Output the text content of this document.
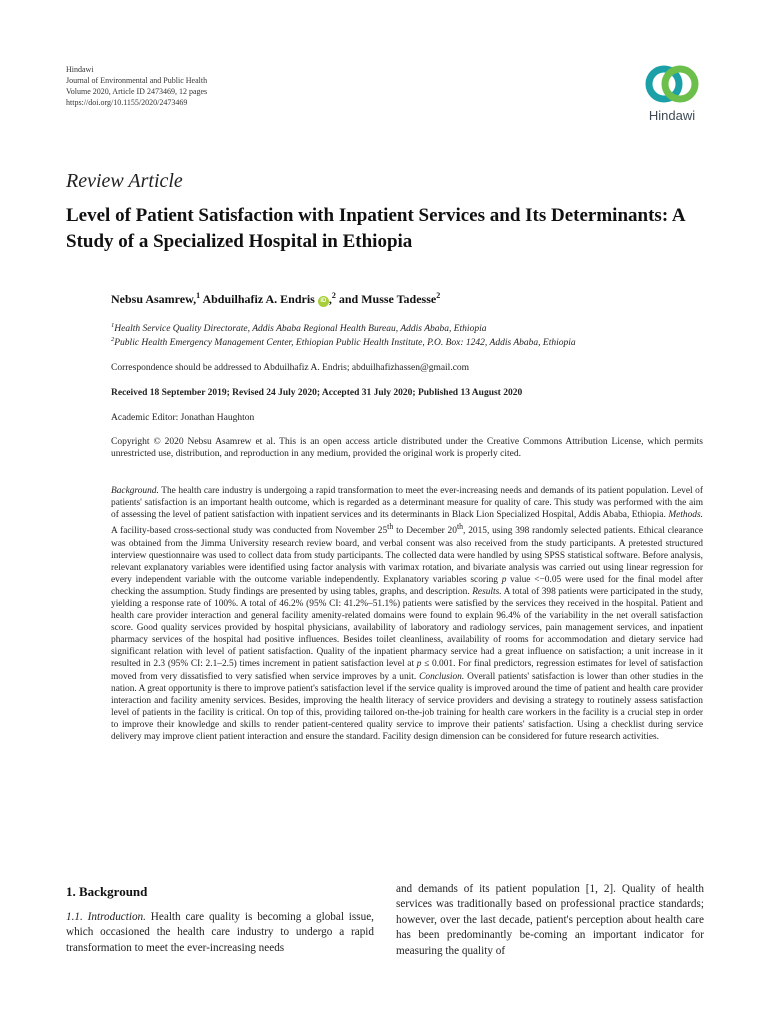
Hindawi
Journal of Environmental and Public Health
Volume 2020, Article ID 2473469, 12 pages
https://doi.org/10.1155/2020/2473469
Hindawi
Review Article
Level of Patient Satisfaction with Inpatient Services and Its Determinants: A Study of a Specialized Hospital in Ethiopia
Nebsu Asamrew,$^1$ Abduilhafiz A. Endris iD ,$^2$ and Musse Tadesse$^2$
$^1$Health Service Quality Directorate, Addis Ababa Regional Health Bureau, Addis Ababa, Ethiopia
$^2$Public Health Emergency Management Center, Ethiopian Public Health Institute, P.O. Box: 1242, Addis Ababa, Ethiopia
Correspondence should be addressed to Abduilhafiz A. Endris; abduilhafizhassen@gmail.com
Received 18 September 2019; Revised 24 July 2020; Accepted 31 July 2020; Published 13 August 2020
Academic Editor: Jonathan Haughton

Copyright © 2020 Nebsu Asamrew et al. This is an open access article distributed under the Creative Commons Attribution License, which permits unrestricted use, distribution, and reproduction in any medium, provided the original work is properly cited.

Background. The health care industry is undergoing a rapid transformation to meet the ever-increasing needs and demands of its patient population. Level of patients' satisfaction is an important health outcome, which is regarded as a determinant measure for quality of care. This study was performed with the aim of assessing the level of patient satisfaction with inpatient services and its determinants in Black Lion Specialized Hospital, Addis Ababa, Ethiopia. Methods. A facility-based cross-sectional study was conducted from November 25th to December 20th, 2015, using 398 randomly selected patients. Ethical clearance was obtained from the Jimma University research review board, and verbal consent was also received from the study participants. A pretested structured interview questionnaire was used to collect data from study participants. The collected data were handled by using SPSS statistical software. Before analysis, relevant explanatory variables were identified using factor analysis with varimax rotation, and bivariate analysis was carried out using linear regression for every independent variable with the outcome variable independently. Explanatory variables scoring p value <−0.05 were used for the final model after checking the assumption. Study findings are presented by using tables, graphs, and description. Results. A total of 398 patients were participated in the study, yielding a response rate of 100%. A total of 46.2% (95% CI: 41.2%–51.1%) patients were satisfied by the services they received in the hospital. Patient and health care provider interaction and general facility amenity-related domains were found to explain 96.4% of the variability in the net overall satisfaction score. Good quality services provided by hospital physicians, availability of laboratory and radiology services, pain management services, and inpatient pharmacy services of the hospital had positive influences. Besides toilet cleanliness, availability of rooms for accommodation and dietary service had significant relation with level of patient satisfaction. Quality of the inpatient pharmacy service had a great influence on satisfaction; a unit increase in it resulted in 2.3 (95% CI: 2.1–2.5) times increment in patient satisfaction level at p ≤ 0.001. For final predictors, regression estimates for level of satisfaction moved from very dissatisfied to very satisfied when service improves by a unit. Conclusion. Overall patients' satisfaction is lower than other studies in the nation. A great opportunity is there to improve patient's satisfaction level if the service quality is improved around the time of patient and health care provider interaction and facility amenity services. Besides, improving the health literacy of service providers and devising a strategy to routinely assess satisfaction level of patients in the facility is critical. On top of this, providing tailored on-the-job training for health care workers in the facility is a crucial step in order to improve their knowledge and skills to render patient-centered quality service to improve their patients' satisfaction. Using a checklist during service delivery may improve client patient interaction and ensure the standard. Facility design dimension can be considered for future research activities.

1. Background

1.1. Introduction. Health care quality is becoming a global issue, which occasioned the health care industry to undergo a rapid transformation to meet the ever-increasing needs

and demands of its patient population [1, 2]. Quality of health services was traditionally based on professional practice standards; however, over the last decade, patient's perception about health care has been predominantly be-coming an important indicator for measuring the quality of
